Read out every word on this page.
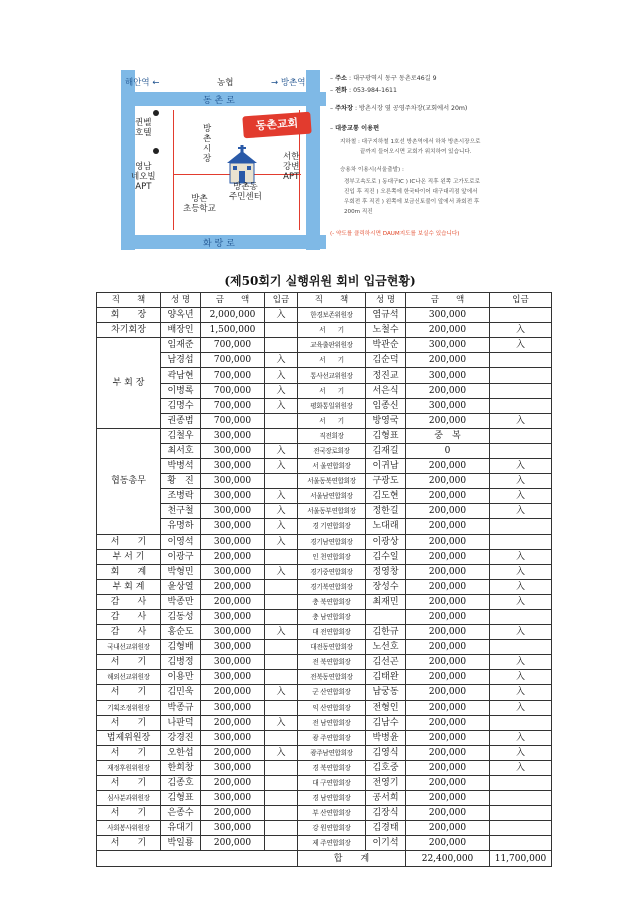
동 촌 로
화 랑 로
해안역 ←	농협	→ 방촌역
퀸벨
호텔
영남
네오빌
APT
방
촌
시
장
동촌교회
방촌
초등학교
방촌동
주민센터
서한
강변
APT
– 주소 : 대구광역시 동구 동촌로46길 9
– 전화 : 053-984-1611
– 주차장 : 방촌시장 옆 공영주차장(교회에서 20m)
– 대중교통 이용편
지하철 : 대구지하철 1호선 방촌역에서 하차 방촌시장으로
끝까지 들어오시면 교회가 위치하여 있습니다.
승용차 이용시(서울출발) :
경부고속도로 ) 동대구IC ) IC나온 직후 왼쪽 고가도로로
진입 후 직진 ) 오른쪽에 한국타이어 대구대리점 앞에서
우회전 후 직진 ) 왼쪽에 보금신토불이 앞에서 좌회전 후
200m 직진
(- 약도를 클릭하시면 DAUM지도를 보실수 있습니다)
(제50회기 실행위원 회비 입금현황)
직　　책	성 명	금　　액	입금	직　　책	성 명	금　　액	입금
회　　장	양옥년	2,000,000	入	한경보존위원장	염규석	300,000	
차기회장	배장인	1,500,000		서　　기	노철수	200,000	入
부 회 장	임재준	700,000		교육출판위원장	박관순	300,000	入
	남경섭	700,000	入	서　　기	김순덕	200,000	
	곽남현	700,000	入	통사선교위원장	정진교	300,000	
	이병록	700,000	入	서　　기	서은식	200,000	
	김명수	700,000	入	평화통일위원장	임종신	300,000	
	권종범	700,000		서　　기	방영국	200,000	入
협동총무	김철우	300,000		직전회장	김형표	중　복	
	최서호	300,000	入	전국장로회장	김재길	0	
	박병석	300,000	入	서 울연합회장	이귀남	200,000	入
	황　진	300,000		서울동북연합회장	구광도	200,000	入
	조병락	300,000	入	서울남연합회장	김도현	200,000	入
	천구철	300,000	入	서울동부연합회장	정한길	200,000	入
	유명하	300,000	入	경 기연합회장	노대래	200,000	
서　　기	이영석	300,000	入	경기남연합회장	이광상	200,000	
부 서 기	이광구	200,000		인 천연합회장	김수일	200,000	入
회　　계	박형민	300,000	入	경기중연합회장	정영창	200,000	入
부 회 계	윤상열	200,000		경기북연합회장	장성수	200,000	入
감　　사	박종만	200,000		충 북연합회장	최재민	200,000	入
감　　사	김동성	300,000		충 남연합회장		200,000	
감　　사	홍순도	300,000	入	대 전연합회장	김한규	200,000	入
국내선교위원장	김형배	300,000		대전동연합회장	노선호	200,000	
서　　기	김병정	300,000		전 북연합회장	김선곤	200,000	入
해외선교위원장	이용만	300,000		전북동연합회장	김태완	200,000	入
서　　기	김민욱	200,000	入	군 산연합회장	남궁동	200,000	入
기획조정위원장	박종규	300,000		익 산연합회장	전형인	200,000	入
서　　기	나판덕	200,000	入	전 남연합회장	김남수	200,000	
법제위원장	강경진	300,000		광 주연합회장	박병윤	200,000	入
서　　기	오한섭	200,000	入	광주남연합회장	김영식	200,000	入
재정후원위원장	한희창	300,000		경 북연합회장	김호중	200,000	入
서　　기	김종호	200,000		대 구연합회장	전영기	200,000	
심사분과위원장	김형표	300,000		경 남연합회장	공서희	200,000	
서　　기	은종수	200,000		부 산연합회장	김장식	200,000	
사회봉사위원장	유대기	300,000		강 원연합회장	김경태	200,000	
서　　기	박일룡	200,000		제 주연합회장	이기석	200,000	
				합　　계		22,400,000	11,700,000
